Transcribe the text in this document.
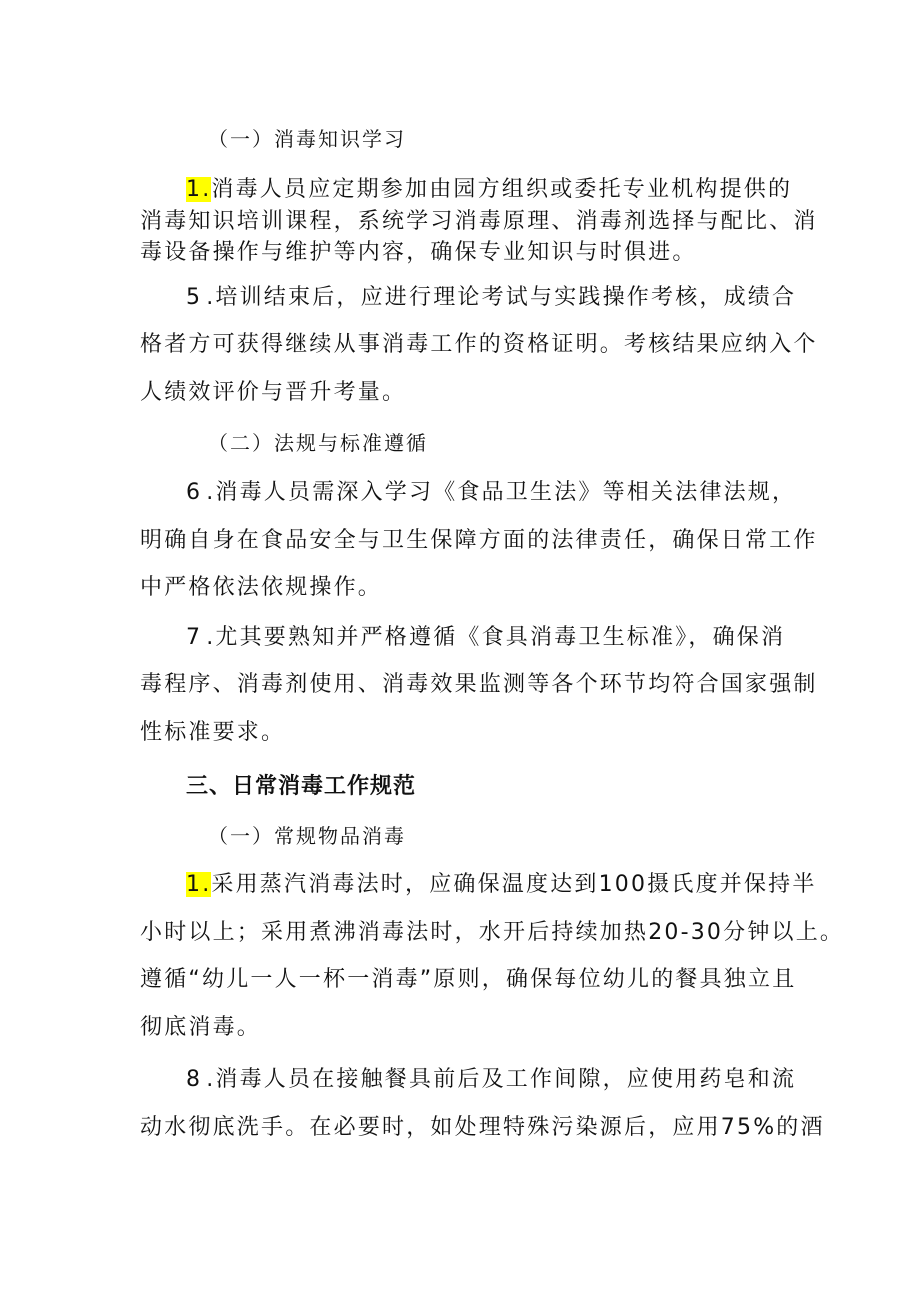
（一）消毒知识学习
1.消毒人员应定期参加由园方组织或委托专业机构提供的
消毒知识培训课程，系统学习消毒原理、消毒剂选择与配比、消
毒设备操作与维护等内容，确保专业知识与时俱进。
5 .培训结束后，应进行理论考试与实践操作考核，成绩合
格者方可获得继续从事消毒工作的资格证明。考核结果应纳入个
人绩效评价与晋升考量。
（二）法规与标准遵循
6 .消毒人员需深入学习《食品卫生法》等相关法律法规，
明确自身在食品安全与卫生保障方面的法律责任，确保日常工作
中严格依法依规操作。
7 .尤其要熟知并严格遵循《食具消毒卫生标准》，确保消
毒程序、消毒剂使用、消毒效果监测等各个环节均符合国家强制
性标准要求。
三、日常消毒工作规范
（一）常规物品消毒
1.采用蒸汽消毒法时，应确保温度达到100摄氏度并保持半
小时以上；采用煮沸消毒法时，水开后持续加热20-30分钟以上。
遵循“幼儿一人一杯一消毒”原则，确保每位幼儿的餐具独立且
彻底消毒。
8 .消毒人员在接触餐具前后及工作间隙，应使用药皂和流
动水彻底洗手。在必要时，如处理特殊污染源后，应用75%的酒
